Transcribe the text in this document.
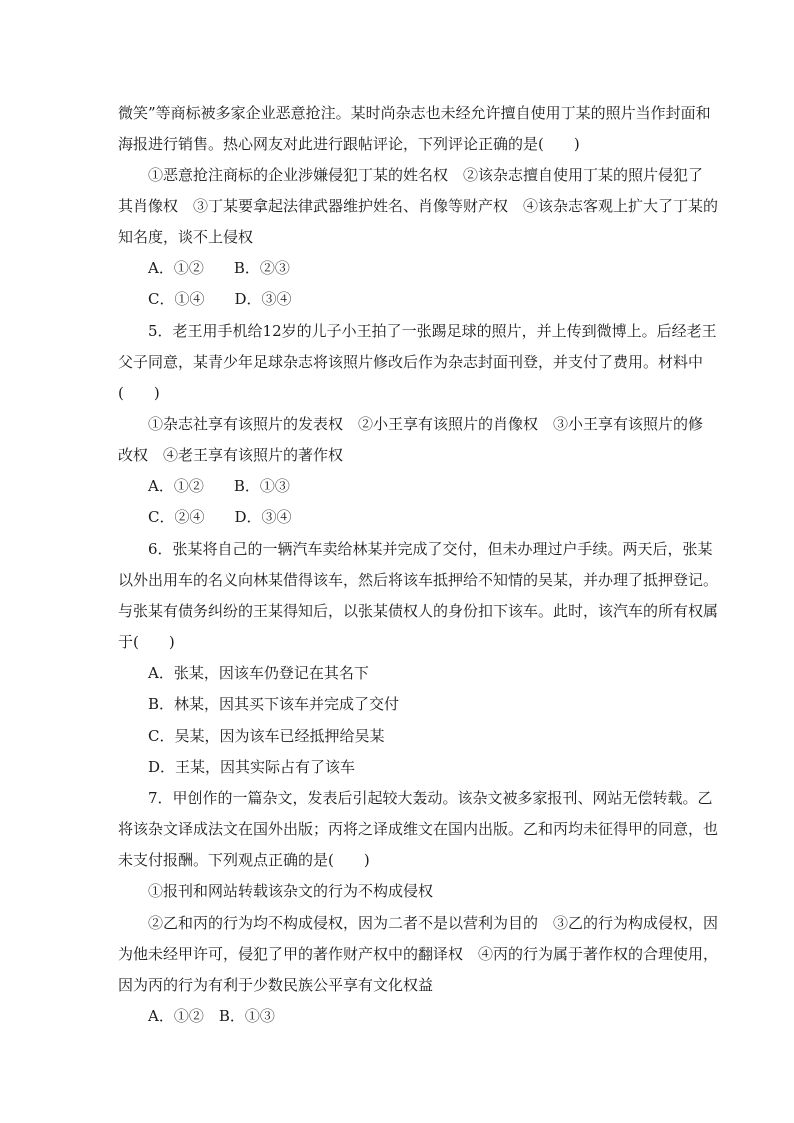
微笑”等商标被多家企业恶意抢注。某时尚杂志也未经允许擅自使用丁某的照片当作封面和
海报进行销售。热心网友对此进行跟帖评论，下列评论正确的是(　　)
①恶意抢注商标的企业涉嫌侵犯丁某的姓名权　②该杂志擅自使用丁某的照片侵犯了
其肖像权　③丁某要拿起法律武器维护姓名、肖像等财产权　④该杂志客观上扩大了丁某的
知名度，谈不上侵权
A．①②　　B．②③
C．①④　　D．③④
5．老王用手机给12岁的儿子小王拍了一张踢足球的照片，并上传到微博上。后经老王
父子同意，某青少年足球杂志将该照片修改后作为杂志封面刊登，并支付了费用。材料中
(　　)
①杂志社享有该照片的发表权　②小王享有该照片的肖像权　③小王享有该照片的修
改权　④老王享有该照片的著作权
A．①②　　B．①③
C．②④　　D．③④
6．张某将自己的一辆汽车卖给林某并完成了交付，但未办理过户手续。两天后，张某
以外出用车的名义向林某借得该车，然后将该车抵押给不知情的吴某，并办理了抵押登记。
与张某有债务纠纷的王某得知后，以张某债权人的身份扣下该车。此时，该汽车的所有权属
于(　　)
A．张某，因该车仍登记在其名下
B．林某，因其买下该车并完成了交付
C．吴某，因为该车已经抵押给吴某
D．王某，因其实际占有了该车
7．甲创作的一篇杂文，发表后引起较大轰动。该杂文被多家报刊、网站无偿转载。乙
将该杂文译成法文在国外出版；丙将之译成维文在国内出版。乙和丙均未征得甲的同意，也
未支付报酬。下列观点正确的是(　　)
①报刊和网站转载该杂文的行为不构成侵权
②乙和丙的行为均不构成侵权，因为二者不是以营利为目的　③乙的行为构成侵权，因
为他未经甲许可，侵犯了甲的著作财产权中的翻译权　④丙的行为属于著作权的合理使用，
因为丙的行为有利于少数民族公平享有文化权益
A．①②　B．①③
